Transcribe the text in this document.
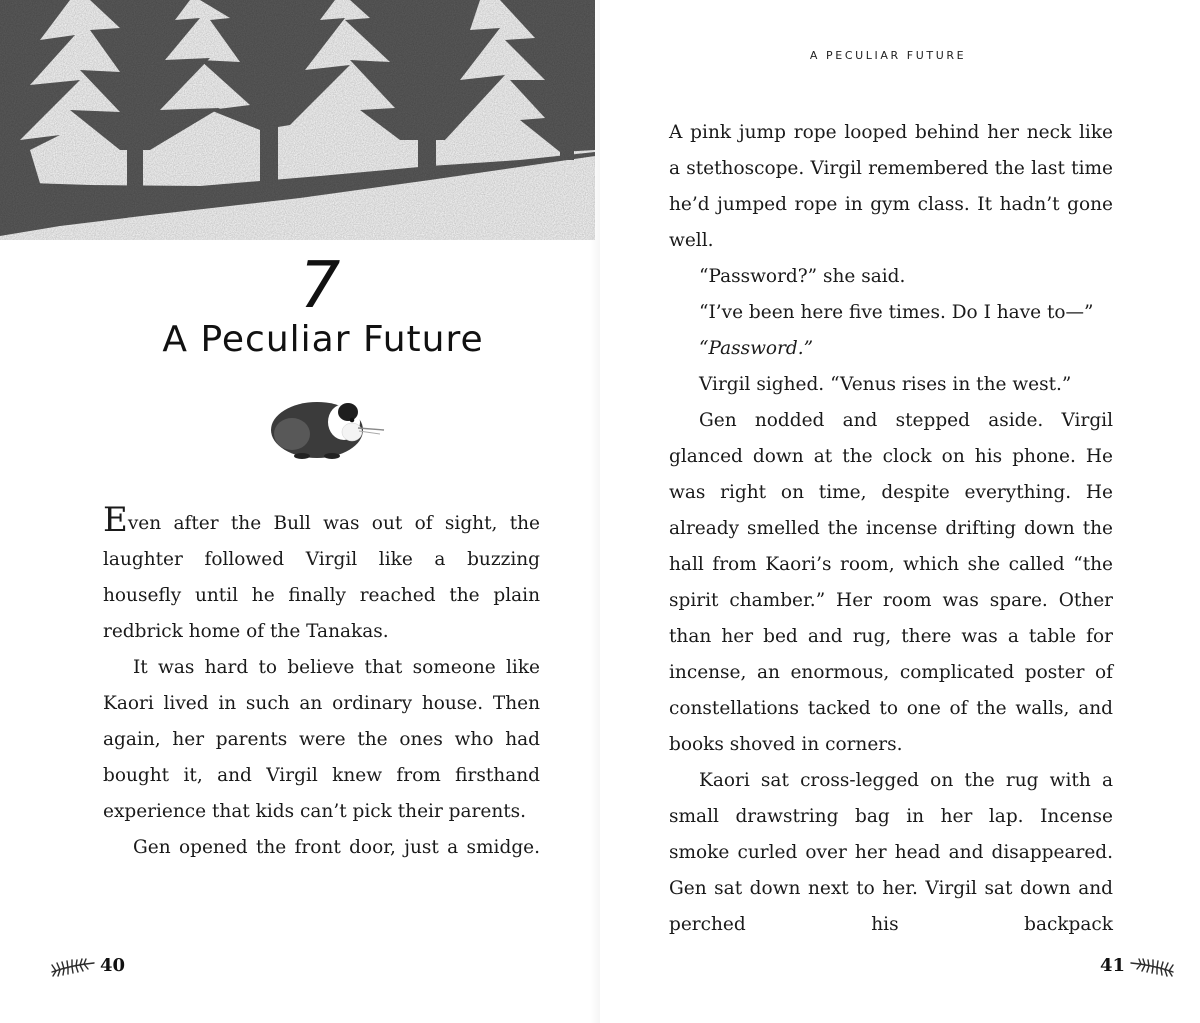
7
A Peculiar Future

Even after the Bull was out of sight, the laughter followed Virgil like a buzzing housefly until he finally reached the plain redbrick home of the Tanakas.

It was hard to believe that someone like Kaori lived in such an ordinary house. Then again, her parents were the ones who had bought it, and Virgil knew from firsthand experience that kids can’t pick their parents.

Gen opened the front door, just a smidge.

40
A PECULIAR FUTURE

A pink jump rope looped behind her neck like a stethoscope. Virgil remembered the last time he’d jumped rope in gym class. It hadn’t gone well.

“Password?” she said.

“I’ve been here five times. Do I have to—”

“Password.”

Virgil sighed. “Venus rises in the west.”

Gen nodded and stepped aside. Virgil glanced down at the clock on his phone. He was right on time, despite everything. He already smelled the incense drifting down the hall from Kaori’s room, which she called “the spirit chamber.” Her room was spare. Other than her bed and rug, there was a table for incense, an enormous, complicated poster of constellations tacked to one of the walls, and books shoved in corners.

Kaori sat cross-legged on the rug with a small drawstring bag in her lap. Incense smoke curled over her head and disappeared. Gen sat down next to her. Virgil sat down and perched his backpack

41
